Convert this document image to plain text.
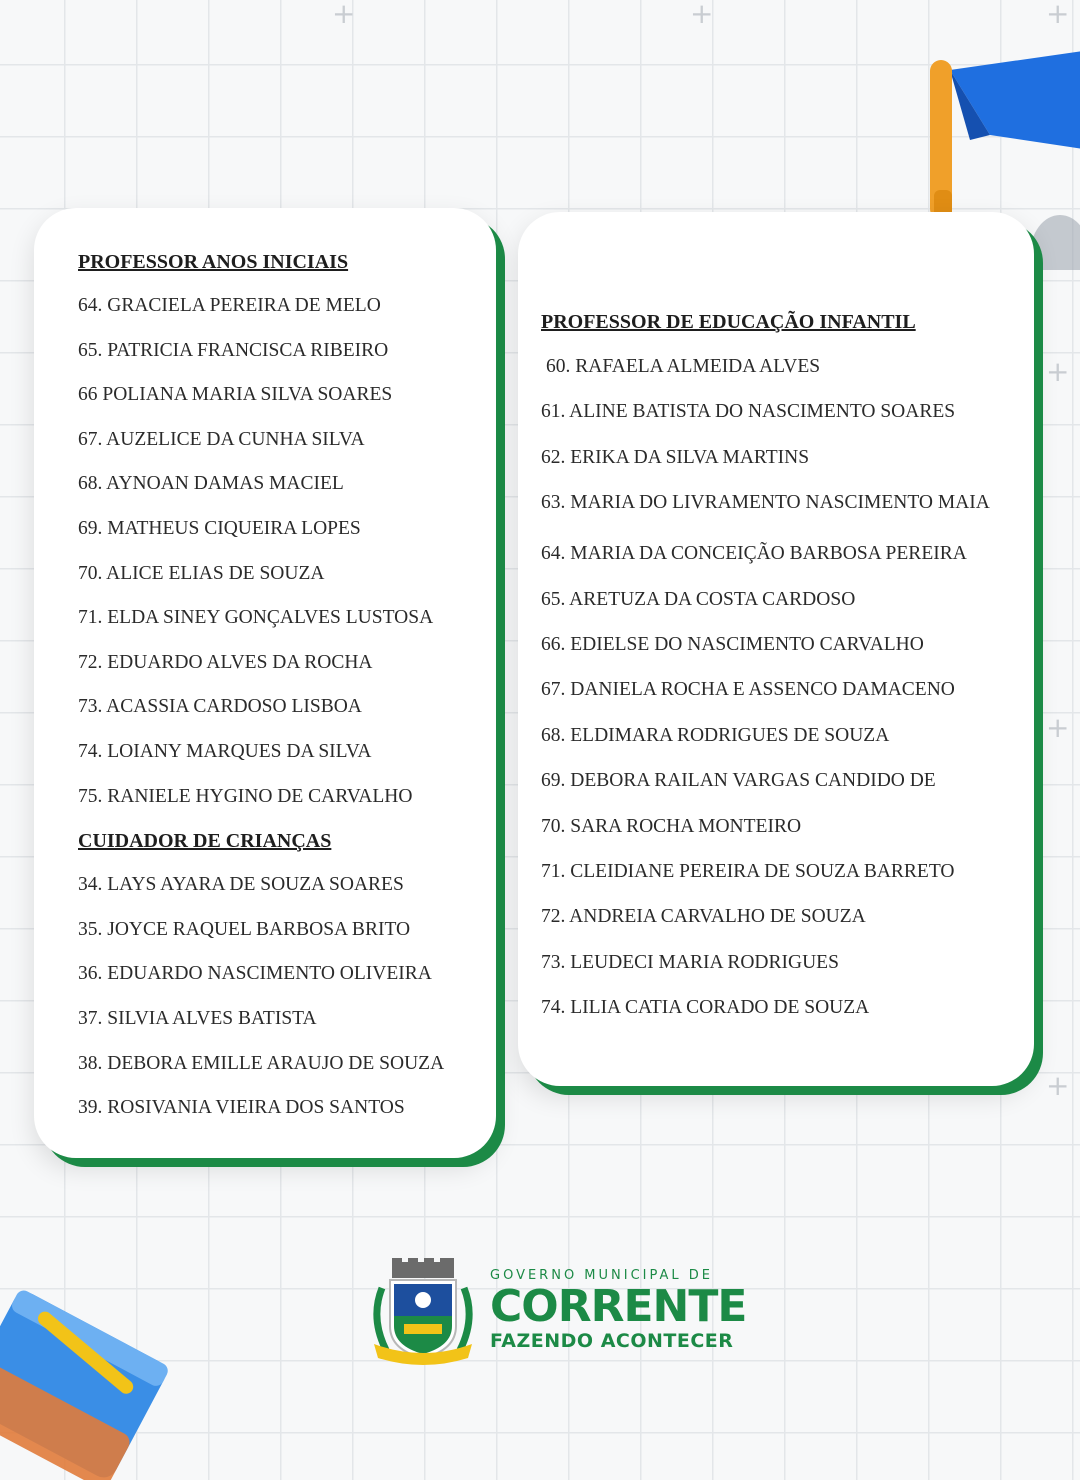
+	+	+
+
+
+
PROFESSOR ANOS INICIAIS
64. GRACIELA PEREIRA DE MELO
65. PATRICIA FRANCISCA RIBEIRO
66 POLIANA MARIA SILVA SOARES
67. AUZELICE DA CUNHA SILVA
68. AYNOAN DAMAS MACIEL
69. MATHEUS CIQUEIRA LOPES
70. ALICE ELIAS DE SOUZA
71. ELDA SINEY GONÇALVES LUSTOSA
72. EDUARDO ALVES DA ROCHA
73. ACASSIA CARDOSO LISBOA
74. LOIANY MARQUES DA SILVA
75. RANIELE HYGINO DE CARVALHO
CUIDADOR DE CRIANÇAS
34. LAYS AYARA DE SOUZA SOARES
35. JOYCE RAQUEL BARBOSA BRITO
36. EDUARDO NASCIMENTO OLIVEIRA
37. SILVIA ALVES BATISTA
38. DEBORA EMILLE ARAUJO DE SOUZA
39. ROSIVANIA VIEIRA DOS SANTOS
PROFESSOR DE EDUCAÇÃO INFANTIL
60. RAFAELA ALMEIDA ALVES
61. ALINE BATISTA DO NASCIMENTO SOARES
62. ERIKA DA SILVA MARTINS
63. MARIA DO LIVRAMENTO NASCIMENTO MAIA
64. MARIA DA CONCEIÇÃO BARBOSA PEREIRA
65. ARETUZA DA COSTA CARDOSO
66. EDIELSE DO NASCIMENTO CARVALHO
67. DANIELA ROCHA E ASSENCO DAMACENO
68. ELDIMARA RODRIGUES DE SOUZA
69. DEBORA RAILAN VARGAS CANDIDO DE
70. SARA ROCHA MONTEIRO
71. CLEIDIANE PEREIRA DE SOUZA BARRETO
72. ANDREIA CARVALHO DE SOUZA
73. LEUDECI MARIA RODRIGUES
74. LILIA CATIA CORADO DE SOUZA
GOVERNO MUNICIPAL DE
CORRENTE
FAZENDO ACONTECER
